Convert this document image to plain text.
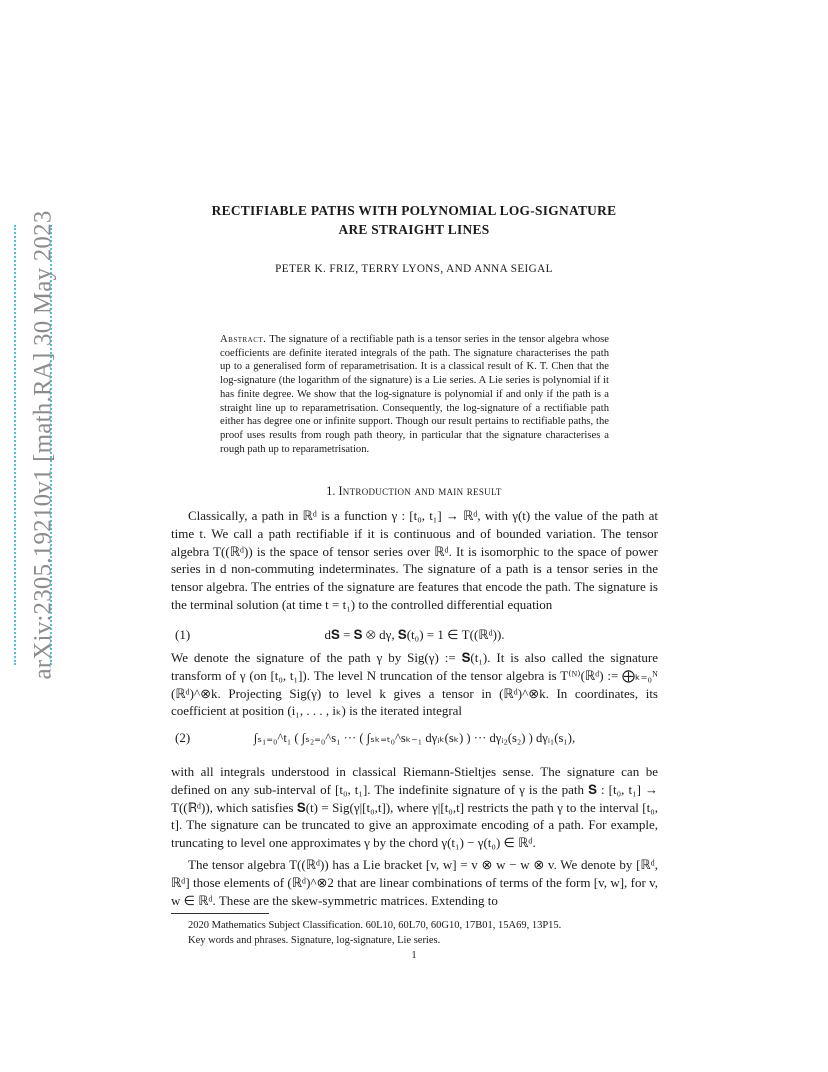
arXiv:2305.19210v1 [math.RA] 30 May 2023	RECTIFIABLE PATHS WITH POLYNOMIAL LOG-SIGNATURE
ARE STRAIGHT LINES
PETER K. FRIZ, TERRY LYONS, AND ANNA SEIGAL
Abstract. The signature of a rectifiable path is a tensor series in the tensor algebra whose coefficients are definite iterated integrals of the path. The signature characterises the path up to a generalised form of reparametrisation. It is a classical result of K. T. Chen that the log-signature (the logarithm of the signature) is a Lie series. A Lie series is polynomial if it has finite degree. We show that the log-signature is polynomial if and only if the path is a straight line up to reparametrisation. Consequently, the log-signature of a rectifiable path either has degree one or infinite support. Though our result pertains to rectifiable paths, the proof uses results from rough path theory, in particular that the signature characterises a rough path up to reparametrisation.
1. Introduction and main result
Classically, a path in ℝᵈ is a function γ : [t₀, t₁] → ℝᵈ, with γ(t) the value of the path at time t. We call a path rectifiable if it is continuous and of bounded variation. The tensor algebra T((ℝᵈ)) is the space of tensor series over ℝᵈ. It is isomorphic to the space of power series in d non-commuting indeterminates. The signature of a path is a tensor series in the tensor algebra. The entries of the signature are features that encode the path. The signature is the terminal solution (at time t = t₁) to the controlled differential equation
(1)	d𝐒 = 𝐒 ⊗ dγ, 𝐒(t₀) = 1 ∈ T((ℝᵈ)).
We denote the signature of the path γ by Sig(γ) := 𝐒(t₁). It is also called the signature transform of γ (on [t₀, t₁]). The level N truncation of the tensor algebra is T⁽ᴺ⁾(ℝᵈ) := ⨁ₖ₌₀ᴺ (ℝᵈ)^⊗k. Projecting Sig(γ) to level k gives a tensor in (ℝᵈ)^⊗k. In coordinates, its coefficient at position (i₁, . . . , iₖ) is the iterated integral
(2)	∫ₛ₁₌₀^t₁ ( ∫ₛ₂₌₀^s₁ ··· ( ∫ₛₖ₌ₜ₀^sₖ₋₁ dγᵢₖ(sₖ) ) ··· dγᵢ₂(s₂) ) dγᵢ₁(s₁),
with all integrals understood in classical Riemann-Stieltjes sense. The signature can be defined on any sub-interval of [t₀, t₁]. The indefinite signature of γ is the path 𝐒 : [t₀, t₁] → T((ℝᵈ)), which satisfies 𝐒(t) = Sig(γ|[t₀,t]), where γ|[t₀,t] restricts the path γ to the interval [t₀, t]. The signature can be truncated to give an approximate encoding of a path. For example, truncating to level one approximates γ by the chord γ(t₁) − γ(t₀) ∈ ℝᵈ.
The tensor algebra T((ℝᵈ)) has a Lie bracket [v, w] = v ⊗ w − w ⊗ v. We denote by [ℝᵈ, ℝᵈ] those elements of (ℝᵈ)^⊗2 that are linear combinations of terms of the form [v, w], for v, w ∈ ℝᵈ. These are the skew-symmetric matrices. Extending to
2020 Mathematics Subject Classification. 60L10, 60L70, 60G10, 17B01, 15A69, 13P15.
Key words and phrases. Signature, log-signature, Lie series.
1
